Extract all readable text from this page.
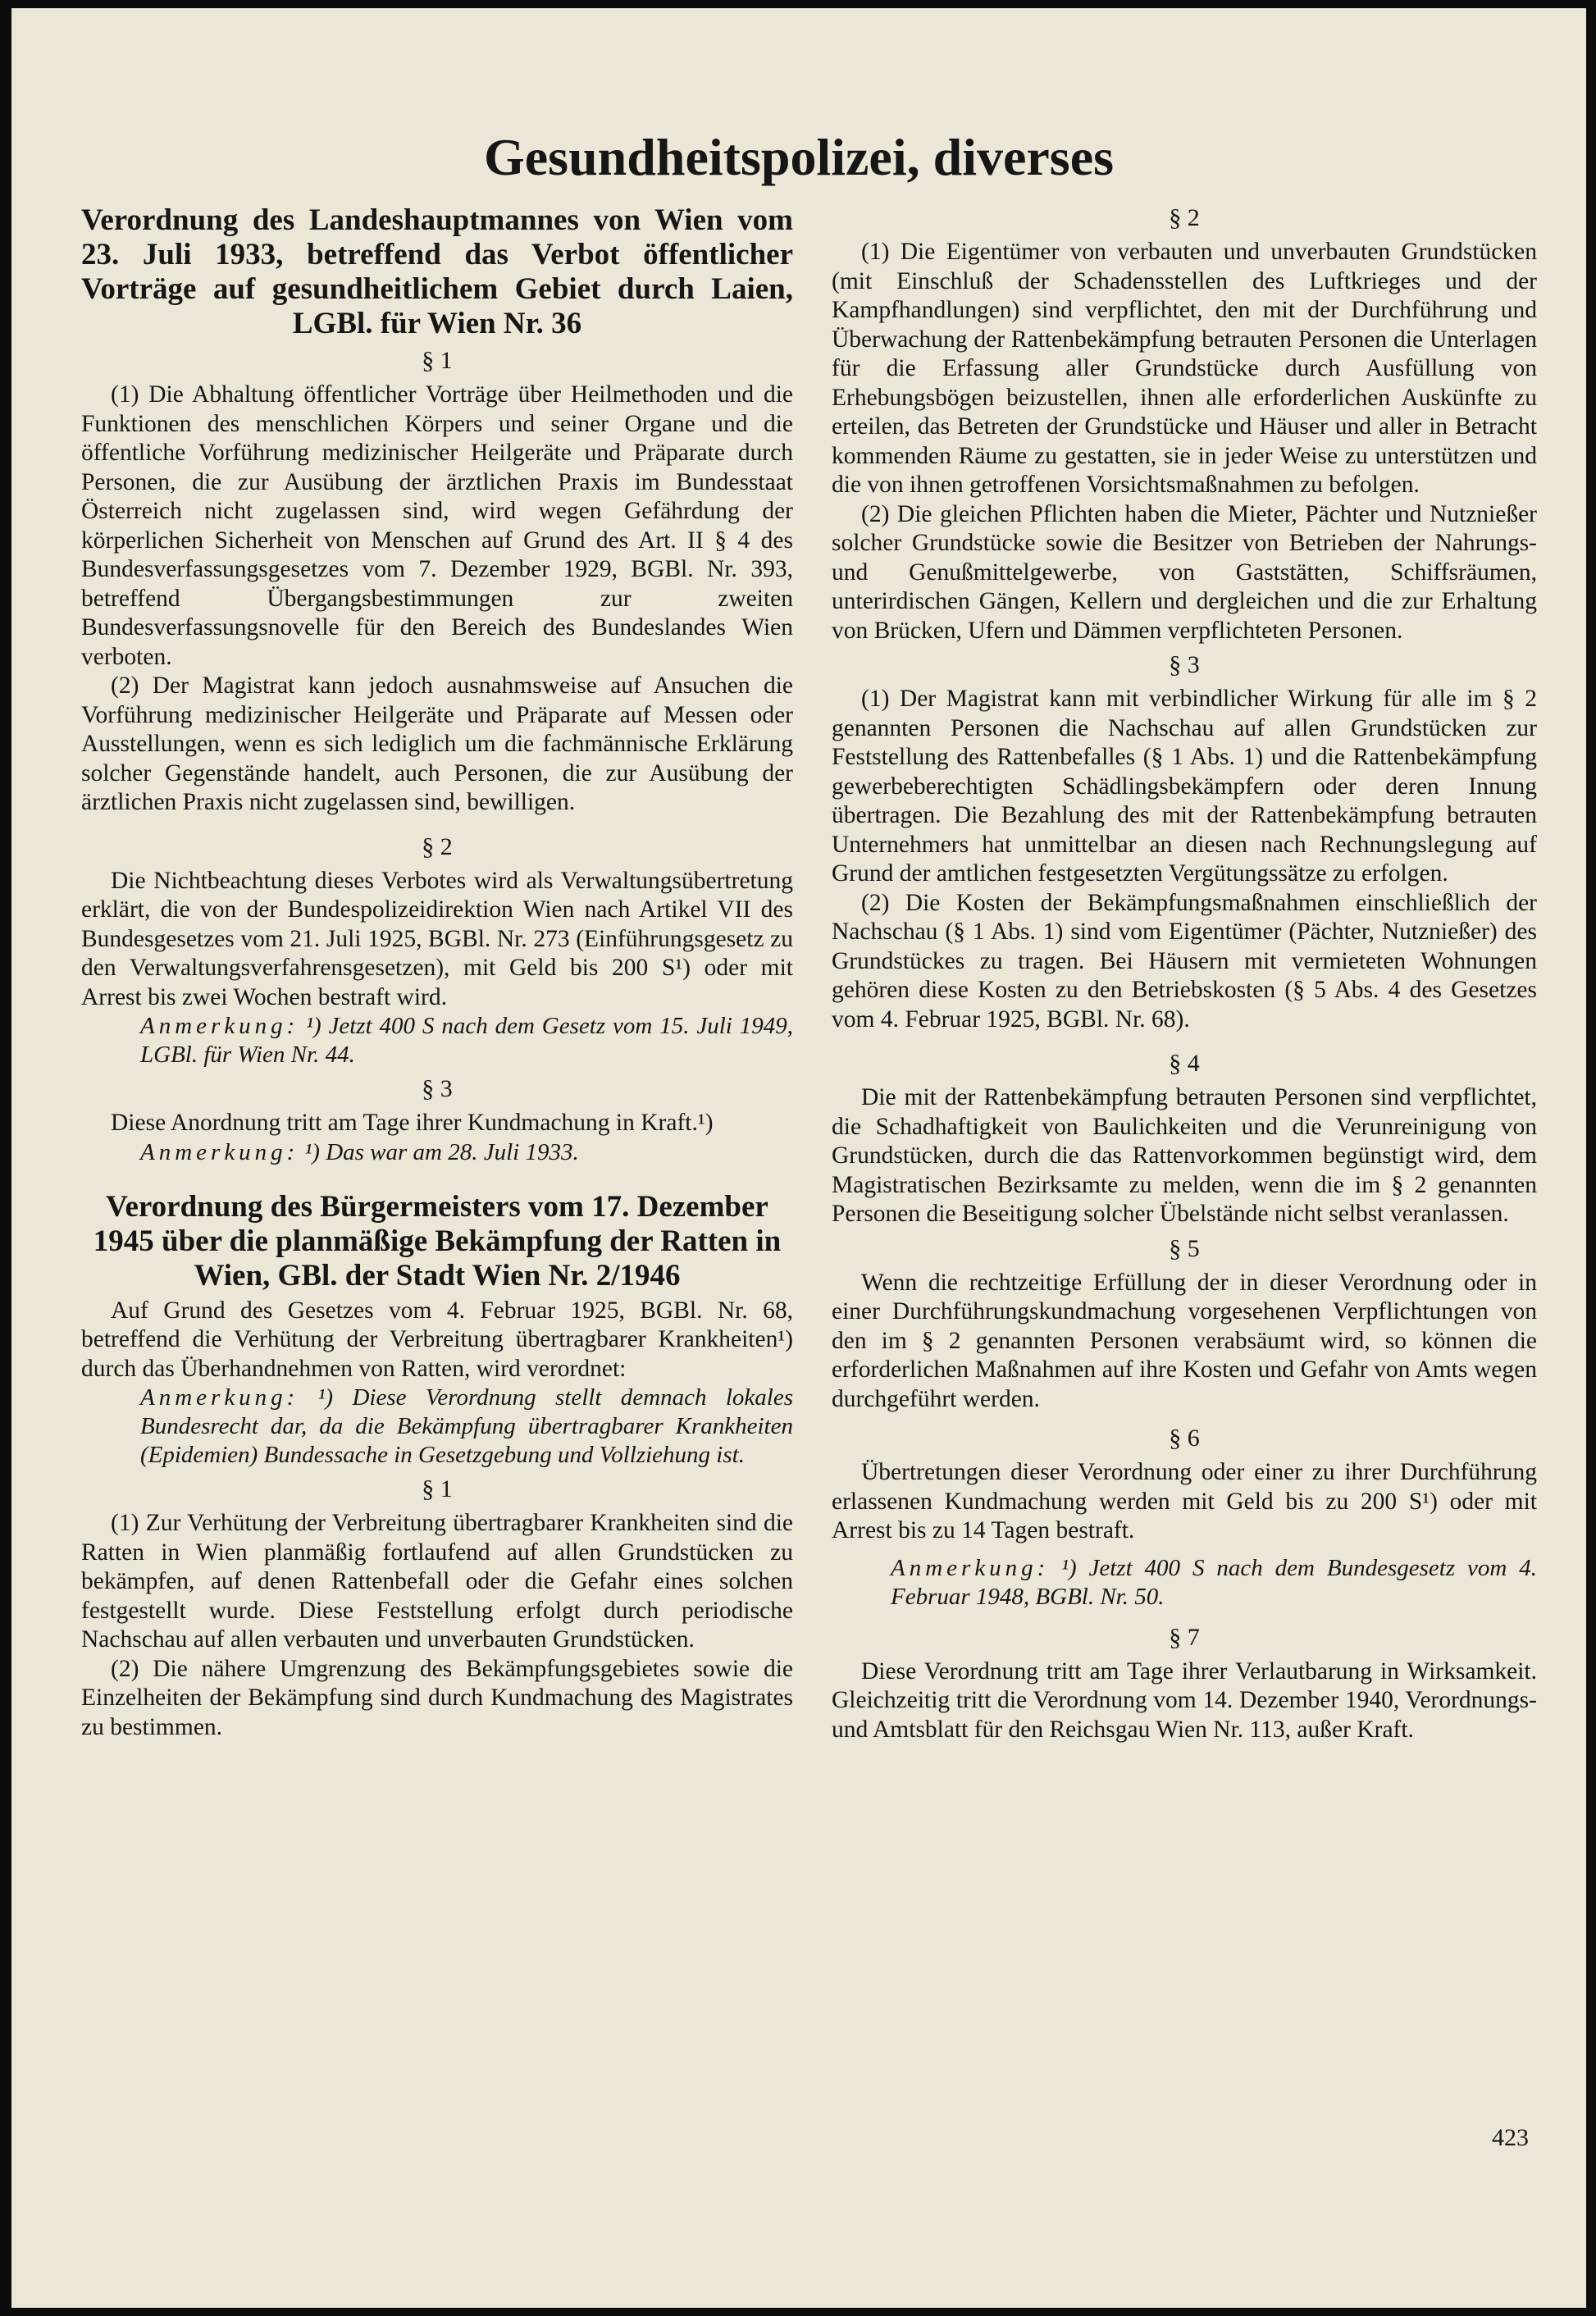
Gesundheitspolizei, diverses
Verordnung des Landeshauptmannes von Wien vom 23. Juli 1933, betreffend das Verbot öffentlicher Vorträge auf gesundheitlichem Gebiet durch Laien, LGBl. für Wien Nr. 36
§ 1

(1) Die Abhaltung öffentlicher Vorträge über Heilmethoden und die Funktionen des menschlichen Körpers und seiner Organe und die öffentliche Vorführung medizinischer Heilgeräte und Präparate durch Personen, die zur Ausübung der ärztlichen Praxis im Bundesstaat Österreich nicht zugelassen sind, wird wegen Gefährdung der körperlichen Sicherheit von Menschen auf Grund des Art. II § 4 des Bundesverfassungsgesetzes vom 7. Dezember 1929, BGBl. Nr. 393, betreffend Übergangsbestimmungen zur zweiten Bundesverfassungsnovelle für den Bereich des Bundeslandes Wien verboten.

(2) Der Magistrat kann jedoch ausnahmsweise auf Ansuchen die Vorführung medizinischer Heilgeräte und Präparate auf Messen oder Ausstellungen, wenn es sich lediglich um die fachmännische Erklärung solcher Gegenstände handelt, auch Personen, die zur Ausübung der ärztlichen Praxis nicht zugelassen sind, bewilligen.

§ 2

Die Nichtbeachtung dieses Verbotes wird als Verwaltungsübertretung erklärt, die von der Bundespolizeidirektion Wien nach Artikel VII des Bundesgesetzes vom 21. Juli 1925, BGBl. Nr. 273 (Einführungsgesetz zu den Verwaltungsverfahrensgesetzen), mit Geld bis 200 S¹) oder mit Arrest bis zwei Wochen bestraft wird.

Anmerkung: ¹) Jetzt 400 S nach dem Gesetz vom 15. Juli 1949, LGBl. für Wien Nr. 44.
§ 3

Diese Anordnung tritt am Tage ihrer Kundmachung in Kraft.¹)

Anmerkung: ¹) Das war am 28. Juli 1933.
Verordnung des Bürgermeisters vom 17. Dezember 1945 über die planmäßige Bekämpfung der Ratten in Wien, GBl. der Stadt Wien Nr. 2/1946

Auf Grund des Gesetzes vom 4. Februar 1925, BGBl. Nr. 68, betreffend die Verhütung der Verbreitung übertragbarer Krankheiten¹) durch das Überhandnehmen von Ratten, wird verordnet:

Anmerkung: ¹) Diese Verordnung stellt demnach lokales Bundesrecht dar, da die Bekämpfung übertragbarer Krankheiten (Epidemien) Bundessache in Gesetzgebung und Vollziehung ist.
§ 1

(1) Zur Verhütung der Verbreitung übertragbarer Krankheiten sind die Ratten in Wien planmäßig fortlaufend auf allen Grundstücken zu bekämpfen, auf denen Rattenbefall oder die Gefahr eines solchen festgestellt wurde. Diese Feststellung erfolgt durch periodische Nachschau auf allen verbauten und unverbauten Grundstücken.

(2) Die nähere Umgrenzung des Bekämpfungsgebietes sowie die Einzelheiten der Bekämpfung sind durch Kundmachung des Magistrates zu bestimmen.

§ 2

(1) Die Eigentümer von verbauten und unverbauten Grundstücken (mit Einschluß der Schadensstellen des Luftkrieges und der Kampfhandlungen) sind verpflichtet, den mit der Durchführung und Überwachung der Rattenbekämpfung betrauten Personen die Unterlagen für die Erfassung aller Grundstücke durch Ausfüllung von Erhebungsbögen beizustellen, ihnen alle erforderlichen Auskünfte zu erteilen, das Betreten der Grundstücke und Häuser und aller in Betracht kommenden Räume zu gestatten, sie in jeder Weise zu unterstützen und die von ihnen getroffenen Vorsichtsmaßnahmen zu befolgen.

(2) Die gleichen Pflichten haben die Mieter, Pächter und Nutznießer solcher Grundstücke sowie die Besitzer von Betrieben der Nahrungs- und Genußmittelgewerbe, von Gaststätten, Schiffsräumen, unterirdischen Gängen, Kellern und dergleichen und die zur Erhaltung von Brücken, Ufern und Dämmen verpflichteten Personen.

§ 3

(1) Der Magistrat kann mit verbindlicher Wirkung für alle im § 2 genannten Personen die Nachschau auf allen Grundstücken zur Feststellung des Rattenbefalles (§ 1 Abs. 1) und die Rattenbekämpfung gewerbeberechtigten Schädlingsbekämpfern oder deren Innung übertragen. Die Bezahlung des mit der Rattenbekämpfung betrauten Unternehmers hat unmittelbar an diesen nach Rechnungslegung auf Grund der amtlichen festgesetzten Vergütungssätze zu erfolgen.

(2) Die Kosten der Bekämpfungsmaßnahmen einschließlich der Nachschau (§ 1 Abs. 1) sind vom Eigentümer (Pächter, Nutznießer) des Grundstückes zu tragen. Bei Häusern mit vermieteten Wohnungen gehören diese Kosten zu den Betriebskosten (§ 5 Abs. 4 des Gesetzes vom 4. Februar 1925, BGBl. Nr. 68).

§ 4

Die mit der Rattenbekämpfung betrauten Personen sind verpflichtet, die Schadhaftigkeit von Baulichkeiten und die Verunreinigung von Grundstücken, durch die das Rattenvorkommen begünstigt wird, dem Magistratischen Bezirksamte zu melden, wenn die im § 2 genannten Personen die Beseitigung solcher Übelstände nicht selbst veranlassen.

§ 5

Wenn die rechtzeitige Erfüllung der in dieser Verordnung oder in einer Durchführungskundmachung vorgesehenen Verpflichtungen von den im § 2 genannten Personen verabsäumt wird, so können die erforderlichen Maßnahmen auf ihre Kosten und Gefahr von Amts wegen durchgeführt werden.

§ 6

Übertretungen dieser Verordnung oder einer zu ihrer Durchführung erlassenen Kundmachung werden mit Geld bis zu 200 S¹) oder mit Arrest bis zu 14 Tagen bestraft.

Anmerkung: ¹) Jetzt 400 S nach dem Bundesgesetz vom 4. Februar 1948, BGBl. Nr. 50.
§ 7

Diese Verordnung tritt am Tage ihrer Verlautbarung in Wirksamkeit. Gleichzeitig tritt die Verordnung vom 14. Dezember 1940, Verordnungs- und Amtsblatt für den Reichsgau Wien Nr. 113, außer Kraft.

423
